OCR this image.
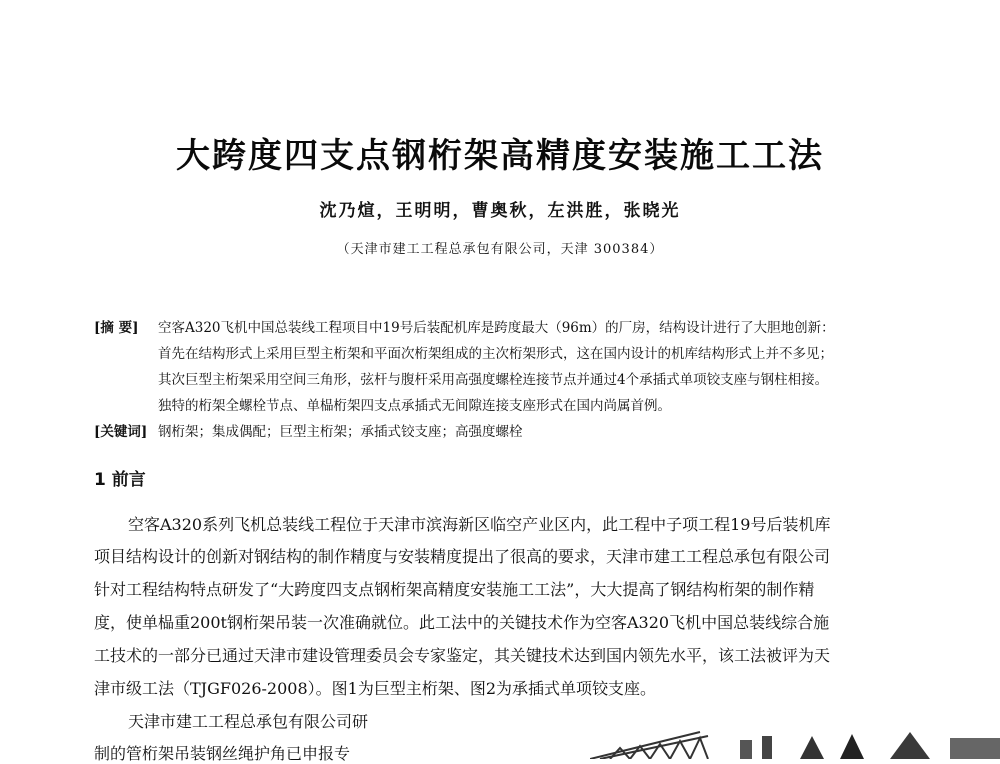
大跨度四支点钢桁架高精度安装施工工法
沈乃煊，王明明，曹奥秋，左洪胜，张晓光
（天津市建工工程总承包有限公司，天津 300384）
[摘 要] 空客A320飞机中国总装线工程项目中19号后装配机库是跨度最大（96m）的厂房，结构设计进行了大胆地创新：
首先在结构形式上采用巨型主桁架和平面次桁架组成的主次桁架形式，这在国内设计的机库结构形式上并不多见；
其次巨型主桁架采用空间三角形，弦杆与腹杆采用高强度螺栓连接节点并通过4个承插式单项铰支座与钢柱相接。
独特的桁架全螺栓节点、单榀桁架四支点承插式无间隙连接支座形式在国内尚属首例。
[关键词] 钢桁架；集成偶配；巨型主桁架；承插式铰支座；高强度螺栓
1 前言
空客A320系列飞机总装线工程位于天津市滨海新区临空产业区内，此工程中子项工程19号后装机库
项目结构设计的创新对钢结构的制作精度与安装精度提出了很高的要求，天津市建工工程总承包有限公司
针对工程结构特点研发了“大跨度四支点钢桁架高精度安装施工工法”，大大提高了钢结构桁架的制作精
度，使单榀重200t钢桁架吊装一次准确就位。此工法中的关键技术作为空客A320飞机中国总装线综合施
工技术的一部分已通过天津市建设管理委员会专家鉴定，其关键技术达到国内领先水平，该工法被评为天
津市级工法（TJGF026-2008）。图1为巨型主桁架、图2为承插式单项铰支座。
天津市建工工程总承包有限公司研
制的管桁架吊装钢丝绳护角已申报专
